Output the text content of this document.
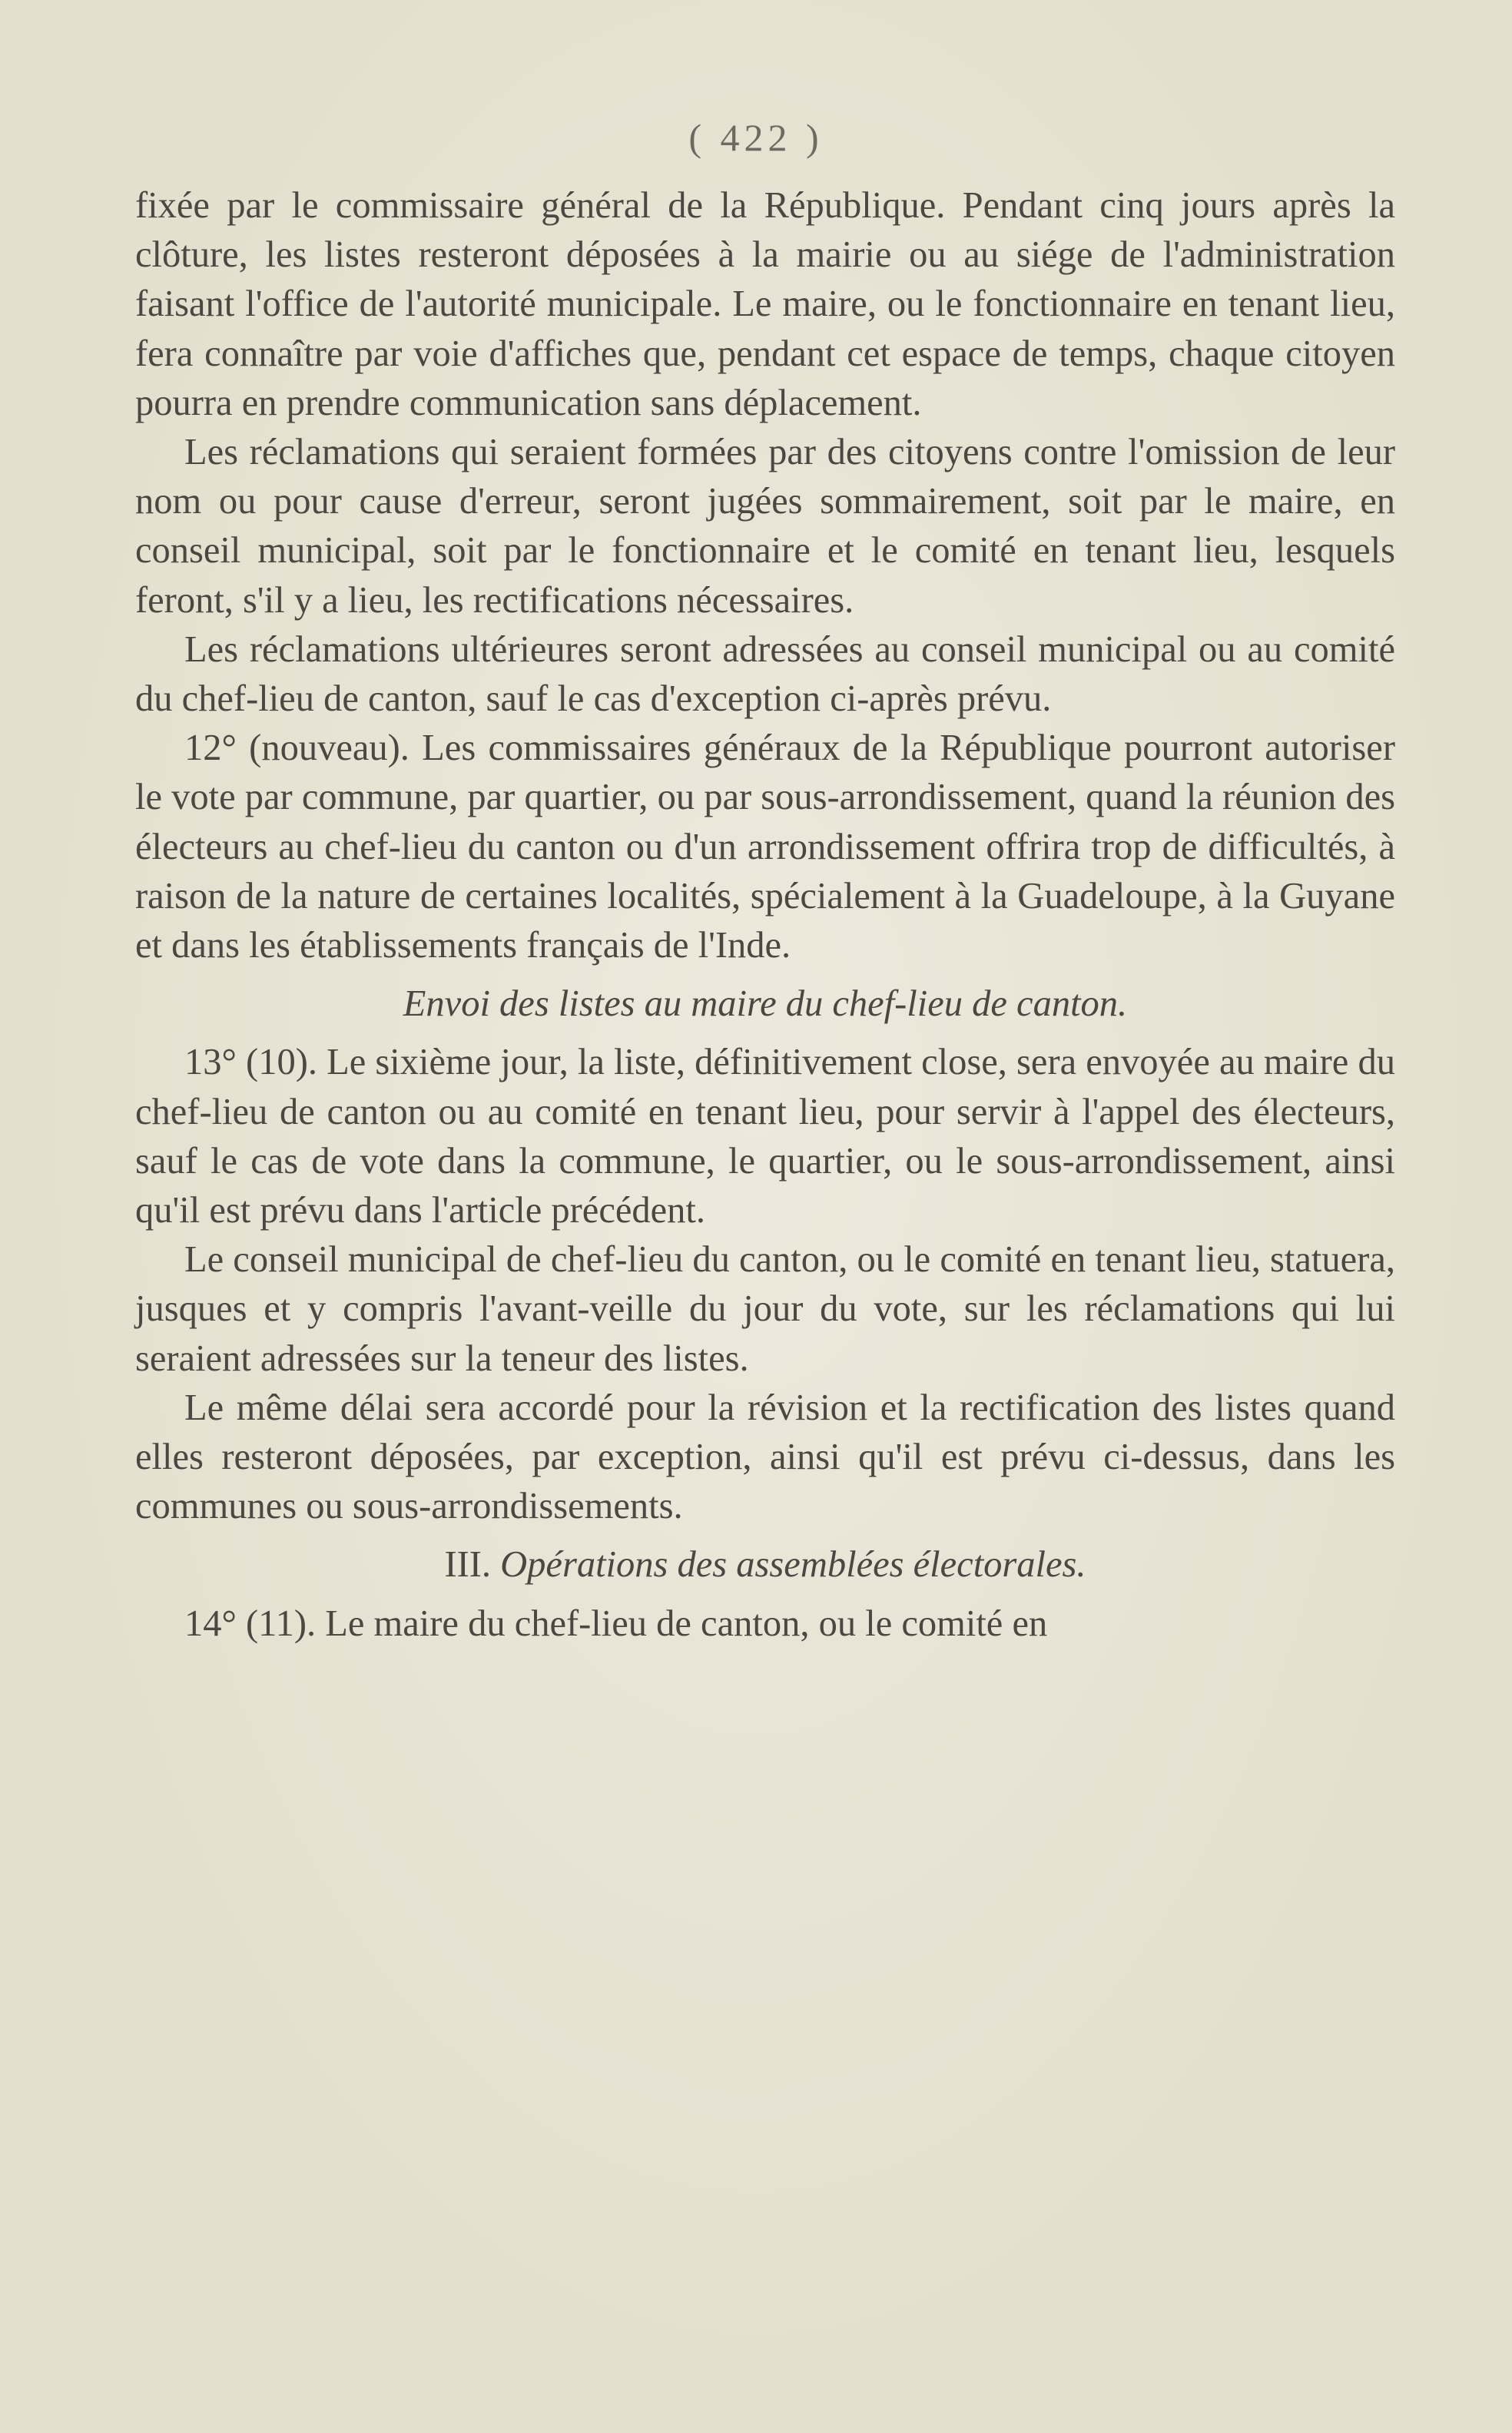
( 422 )

fixée par le commissaire général de la République. Pendant cinq jours après la clôture, les listes resteront déposées à la mairie ou au siége de l'administration faisant l'office de l'autorité municipale. Le maire, ou le fonctionnaire en tenant lieu, fera connaître par voie d'affiches que, pendant cet espace de temps, chaque citoyen pourra en prendre communication sans déplacement.

Les réclamations qui seraient formées par des citoyens contre l'omission de leur nom ou pour cause d'erreur, seront jugées sommairement, soit par le maire, en conseil municipal, soit par le fonctionnaire et le comité en tenant lieu, lesquels feront, s'il y a lieu, les rectifications nécessaires.

Les réclamations ultérieures seront adressées au conseil municipal ou au comité du chef-lieu de canton, sauf le cas d'exception ci-après prévu.

12° (nouveau). Les commissaires généraux de la République pourront autoriser le vote par commune, par quartier, ou par sous-arrondissement, quand la réunion des électeurs au chef-lieu du canton ou d'un arrondissement offrira trop de difficultés, à raison de la nature de certaines localités, spécialement à la Guadeloupe, à la Guyane et dans les établissements français de l'Inde.

Envoi des listes au maire du chef-lieu de canton.

13° (10). Le sixième jour, la liste, définitivement close, sera envoyée au maire du chef-lieu de canton ou au comité en tenant lieu, pour servir à l'appel des électeurs, sauf le cas de vote dans la commune, le quartier, ou le sous-arrondissement, ainsi qu'il est prévu dans l'article précédent.

Le conseil municipal de chef-lieu du canton, ou le comité en tenant lieu, statuera, jusques et y compris l'avant-veille du jour du vote, sur les réclamations qui lui seraient adressées sur la teneur des listes.

Le même délai sera accordé pour la révision et la rectification des listes quand elles resteront déposées, par exception, ainsi qu'il est prévu ci-dessus, dans les communes ou sous-arrondissements.

III. Opérations des assemblées électorales.

14° (11). Le maire du chef-lieu de canton, ou le comité en
